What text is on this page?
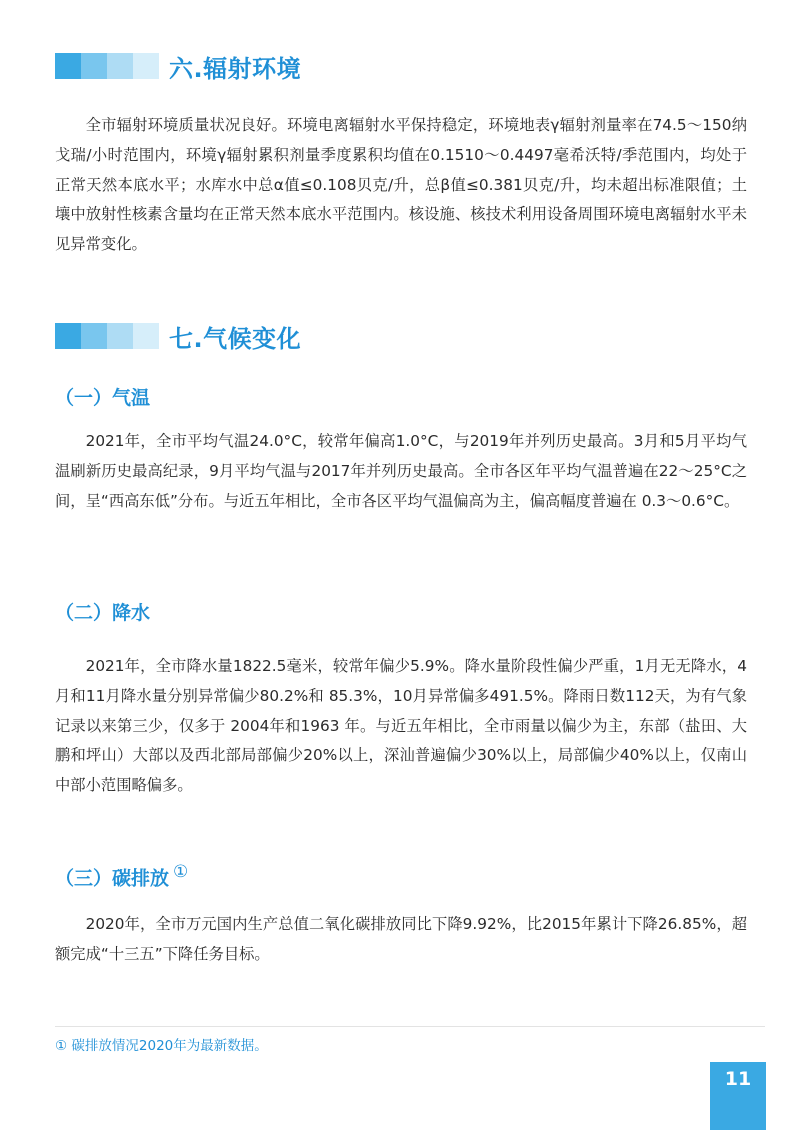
六.辐射环境

全市辐射环境质量状况良好。环境电离辐射水平保持稳定，环境地表γ辐射剂量率在74.5～150纳戈瑞/小时范围内，环境γ辐射累积剂量季度累积均值在0.1510～0.4497毫希沃特/季范围内，均处于正常天然本底水平；水库水中总α值≤0.108贝克/升，总β值≤0.381贝克/升，均未超出标准限值；土壤中放射性核素含量均在正常天然本底水平范围内。核设施、核技术利用设备周围环境电离辐射水平未见异常变化。

七.气候变化
（一）气温

2021年，全市平均气温24.0°C，较常年偏高1.0°C，与2019年并列历史最高。3月和5月平均气温刷新历史最高纪录，9月平均气温与2017年并列历史最高。全市各区年平均气温普遍在22～25°C之间，呈“西高东低”分布。与近五年相比，全市各区平均气温偏高为主，偏高幅度普遍在 0.3～0.6°C。

（二）降水

2021年，全市降水量1822.5毫米，较常年偏少5.9%。降水量阶段性偏少严重，1月无无降水，4月和11月降水量分别异常偏少80.2%和 85.3%，10月异常偏多491.5%。降雨日数112天，为有气象记录以来第三少，仅多于 2004年和1963 年。与近五年相比，全市雨量以偏少为主，东部（盐田、大鹏和坪山）大部以及西北部局部偏少20%以上，深汕普遍偏少30%以上，局部偏少40%以上，仅南山中部小范围略偏多。

（三）碳排放 ①

2020年，全市万元国内生产总值二氧化碳排放同比下降9.92%，比2015年累计下降26.85%，超额完成“十三五”下降任务目标。

① 碳排放情况2020年为最新数据。
11
